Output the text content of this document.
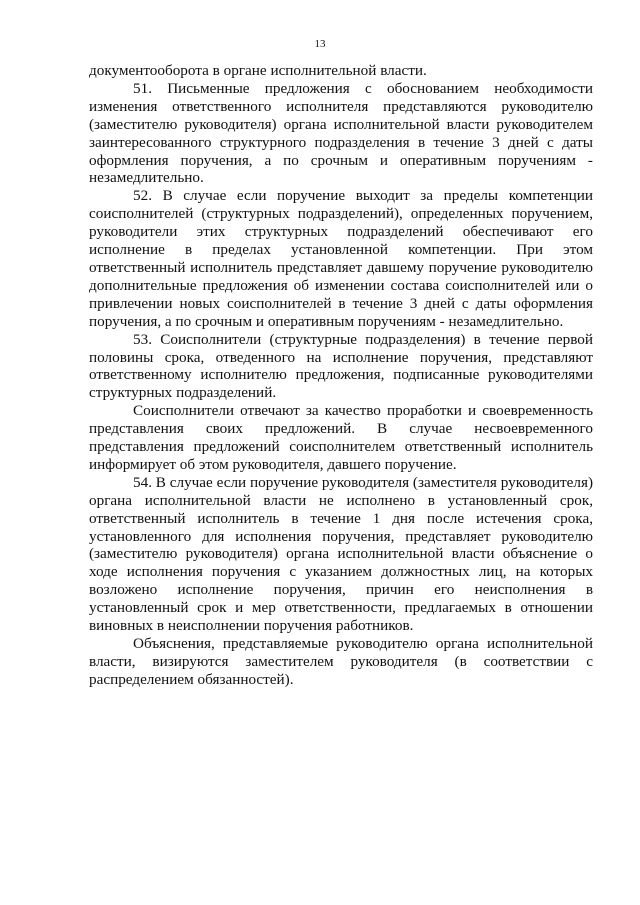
13

документооборота в органе исполнительной власти.

51. Письменные предложения с обоснованием необходимости изменения ответственного исполнителя представляются руководителю (заместителю руководителя) органа исполнительной власти руководителем заинтересованного структурного подразделения в течение 3 дней с даты оформления поручения, а по срочным и оперативным поручениям - незамедлительно.

52. В случае если поручение выходит за пределы компетенции соисполнителей (структурных подразделений), определенных поручением, руководители этих структурных подразделений обеспечивают его исполнение в пределах установленной компетенции. При этом ответственный исполнитель представляет давшему поручение руководителю дополнительные предложения об изменении состава соисполнителей или о привлечении новых соисполнителей в течение 3 дней с даты оформления поручения, а по срочным и оперативным поручениям - незамедлительно.

53. Соисполнители (структурные подразделения) в течение первой половины срока, отведенного на исполнение поручения, представляют ответственному исполнителю предложения, подписанные руководителями структурных подразделений.

Соисполнители отвечают за качество проработки и своевременность представления своих предложений. В случае несвоевременного представления предложений соисполнителем ответственный исполнитель информирует об этом руководителя, давшего поручение.

54. В случае если поручение руководителя (заместителя руководителя) органа исполнительной власти не исполнено в установленный срок, ответственный исполнитель в течение 1 дня после истечения срока, установленного для исполнения поручения, представляет руководителю (заместителю руководителя) органа исполнительной власти объяснение о ходе исполнения поручения с указанием должностных лиц, на которых возложено исполнение поручения, причин его неисполнения в установленный срок и мер ответственности, предлагаемых в отношении виновных в неисполнении поручения работников.

Объяснения, представляемые руководителю органа исполнительной власти, визируются заместителем руководителя (в соответствии с распределением обязанностей).
